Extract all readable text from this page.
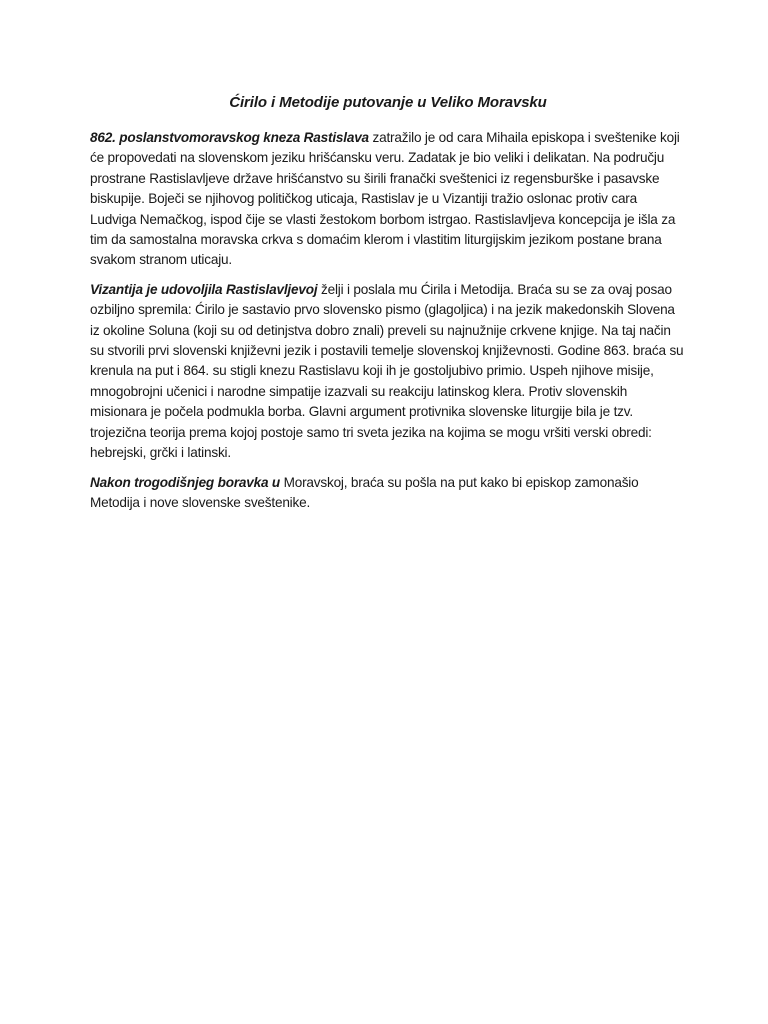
Ćirilo i Metodije putovanje u Veliko Moravsku

862. poslanstvomoravskog kneza Rastislava zatražilo je od cara Mihaila episkopa i sveštenike koji će propovedati na slovenskom jeziku hrišćansku veru. Zadatak je bio veliki i delikatan. Na području prostrane Rastislavljeve države hrišćanstvo su širili franački sveštenici iz regensburške i pasavske biskupije. Boječi se njihovog političkog uticaja, Rastislav je u Vizantiji tražio oslonac protiv cara Ludviga Nemačkog, ispod čije se vlasti žestokom borbom istrgao. Rastislavljeva koncepcija je išla za tim da samostalna moravska crkva s domaćim klerom i vlastitim liturgijskim jezikom postane brana svakom stranom uticaju.

Vizantija je udovoljila Rastislavljevoj želji i poslala mu Ćirila i Metodija. Braća su se za ovaj posao ozbiljno spremila: Ćirilo je sastavio prvo slovensko pismo (glagoljica) i na jezik makedonskih Slovena iz okoline Soluna (koji su od detinjstva dobro znali) preveli su najnužnije crkvene knjige. Na taj način su stvorili prvi slovenski književni jezik i postavili temelje slovenskoj književnosti. Godine 863. braća su krenula na put i 864. su stigli knezu Rastislavu koji ih je gostoljubivo primio. Uspeh njihove misije, mnogobrojni učenici i narodne simpatije izazvali su reakciju latinskog klera. Protiv slovenskih misionara je počela podmukla borba. Glavni argument protivnika slovenske liturgije bila je tzv. trojezična teorija prema kojoj postoje samo tri sveta jezika na kojima se mogu vršiti verski obredi: hebrejski, grčki i latinski.

Nakon trogodišnjeg boravka u Moravskoj, braća su pošla na put kako bi episkop zamonašio Metodija i nove slovenske sveštenike.
